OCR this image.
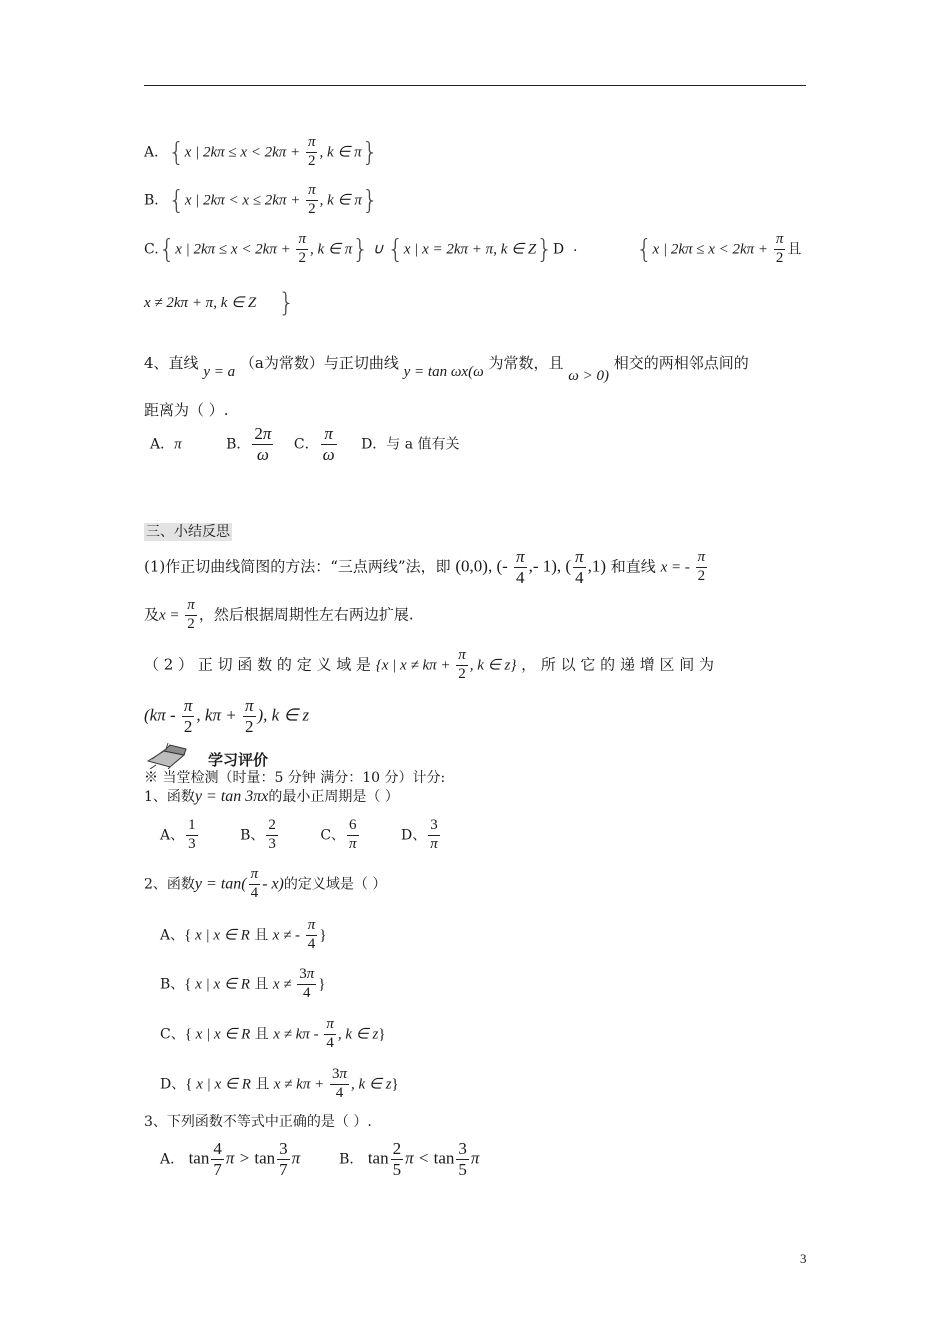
A．{x | $2k\pi \le x < 2k\pi + \frac{\pi}{2}$ , k ∈ π}
B．{x | $2k\pi < x \le 2k\pi + \frac{\pi}{2}$ , k ∈ π}
C.{x | $2k\pi \le x < 2k\pi + \frac{\pi}{2}$ , k ∈ π} ∪ {x | x = 2kπ + π, k ∈ Z}D . {x | $2k\pi \le x < 2k\pi + \frac{\pi}{2}$ 且
x ≠ 2kπ + π, k ∈ Z }
4、直线 y = a （a为常数）与正切曲线 y = tan ωx(ω 为常数，且 ω > 0) 相交的两相邻点间的
距离为（ ）.
A．π	B． $\frac{2\pi}{\omega}$ C． $\frac{\pi}{\omega}$ D．与 a 值有关
三、小结反思
(1)作正切曲线简图的方法：“三点两线”法，即 (0,0), (- $\frac{\pi}{4}$ ,- 1), ( $\frac{\pi}{4} ,1$) 和直线 x = - $\frac{\pi}{2}$
及$x = \frac{\pi}{2}$ ，然后根据周期性左右两边扩展.
（ 2 ） 正 切 函 数 的 定 义 域 是 {x | $x \ne k\pi + \frac{\pi}{2}$ , k ∈ z} ， 所 以 它 的 递 增 区 间 为
($k\pi - \frac{\pi}{2}$ , $k\pi + \frac{\pi}{2}$ ), k ∈ z
学习评价
※ 当堂检测（时量：5 分钟 满分：10 分）计分:
1、函数y = tan 3πx的最小正周期是（ ）
A、 $\frac{1}{3}$	B、 $\frac{2}{3}$	C、 $\frac{6}{\pi}$	D、 $\frac{3}{\pi}$
2、函数$y = \tan( \frac{\pi}{4} - x)$的定义域是（ ）
A、{ x | x ∈ R 且 x ≠ - $\frac{\pi}{4}$ }
B、{ x | x ∈ R 且 $x \ne \frac{3\pi}{4}$ }
C、{ x | x ∈ R 且 $x \ne k\pi - \frac{\pi}{4}$ , k ∈ z}
D、{ x | x ∈ R 且 $x \ne k\pi + \frac{3\pi}{4}$ , k ∈ z}
3、下列函数不等式中正确的是（ ）.
A． $\tan \frac{4}{7}$ $\pi > \tan \frac{3}{7}$ π	B． $\tan \frac{2}{5}$ $\pi < \tan \frac{3}{5}$ π
3
